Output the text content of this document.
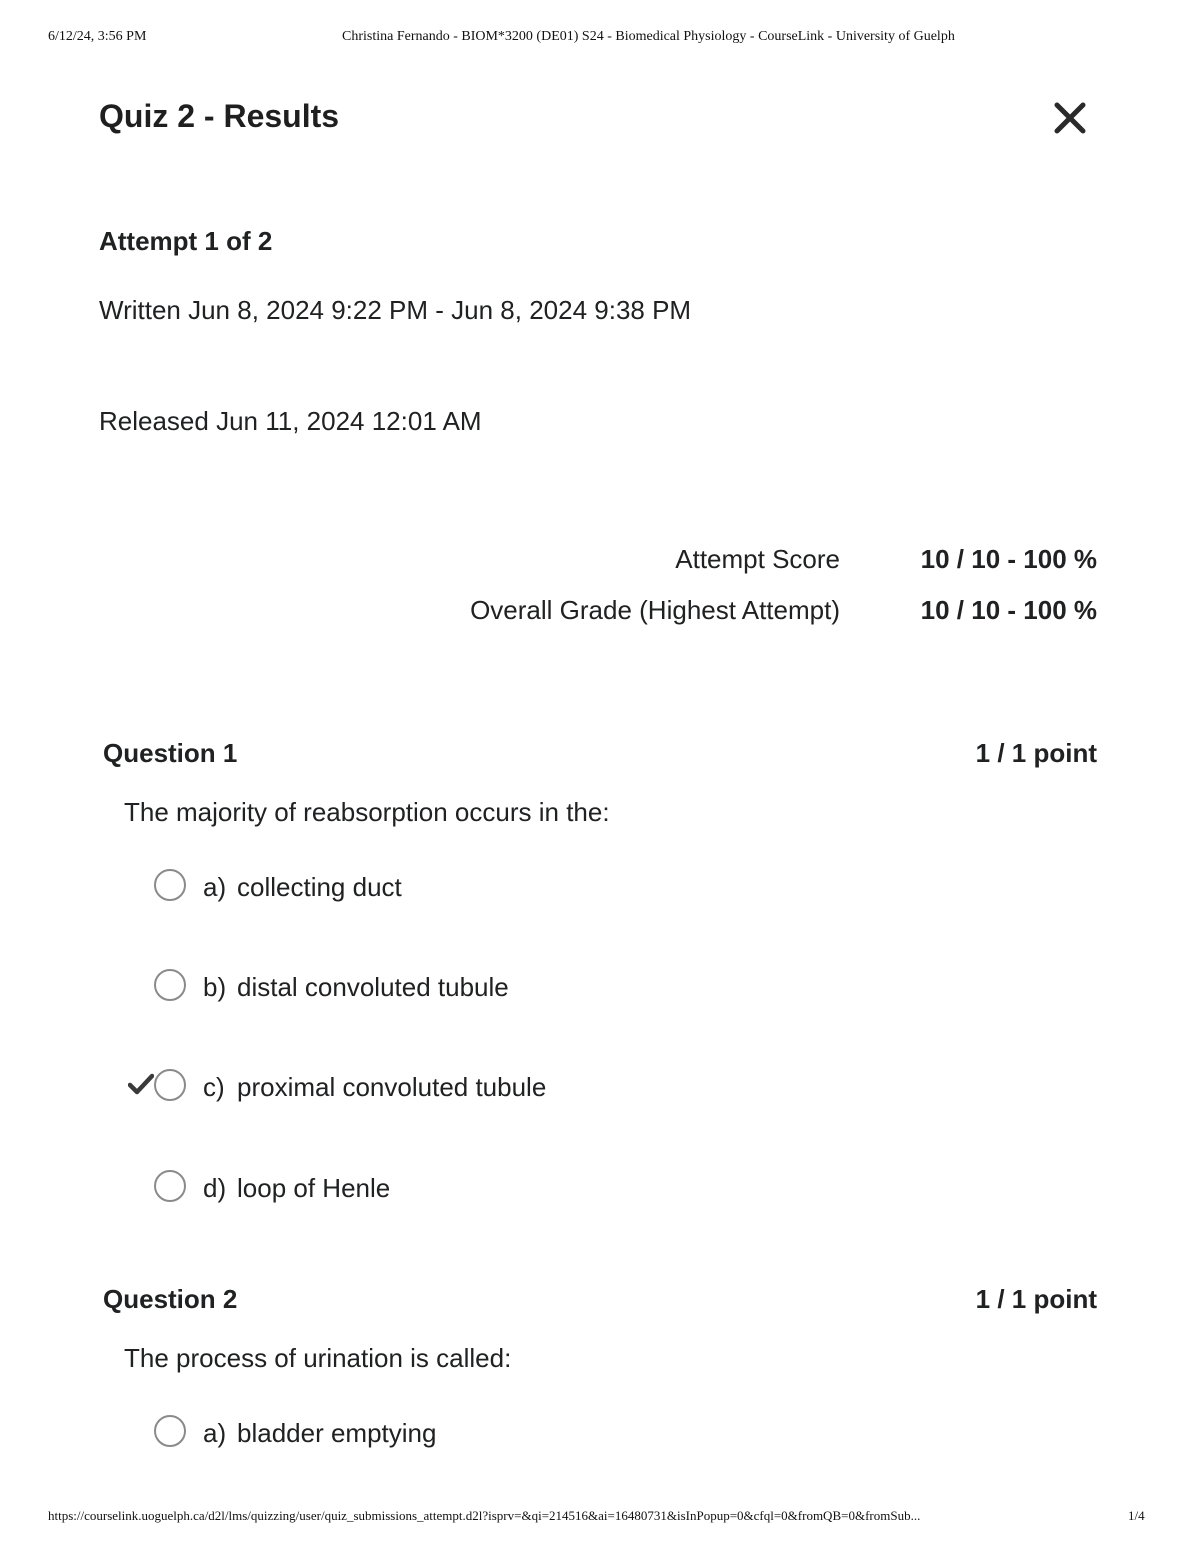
6/12/24, 3:56 PM	Christina Fernando - BIOM*3200 (DE01) S24 - Biomedical Physiology - CourseLink - University of Guelph
Quiz 2 - Results
Attempt 1 of 2
Written Jun 8, 2024 9:22 PM - Jun 8, 2024 9:38 PM
Released Jun 11, 2024 12:01 AM
Attempt Score	10 / 10 - 100 %
Overall Grade (Highest Attempt)	10 / 10 - 100 %
Question 1	1 / 1 point
The majority of reabsorption occurs in the:
a) collecting duct
b) distal convoluted tubule
c) proximal convoluted tubule
d) loop of Henle
Question 2	1 / 1 point
The process of urination is called:
a) bladder emptying
https://courselink.uoguelph.ca/d2l/lms/quizzing/user/quiz_submissions_attempt.d2l?isprv=&qi=214516&ai=16480731&isInPopup=0&cfql=0&fromQB=0&fromSub...	1/4
